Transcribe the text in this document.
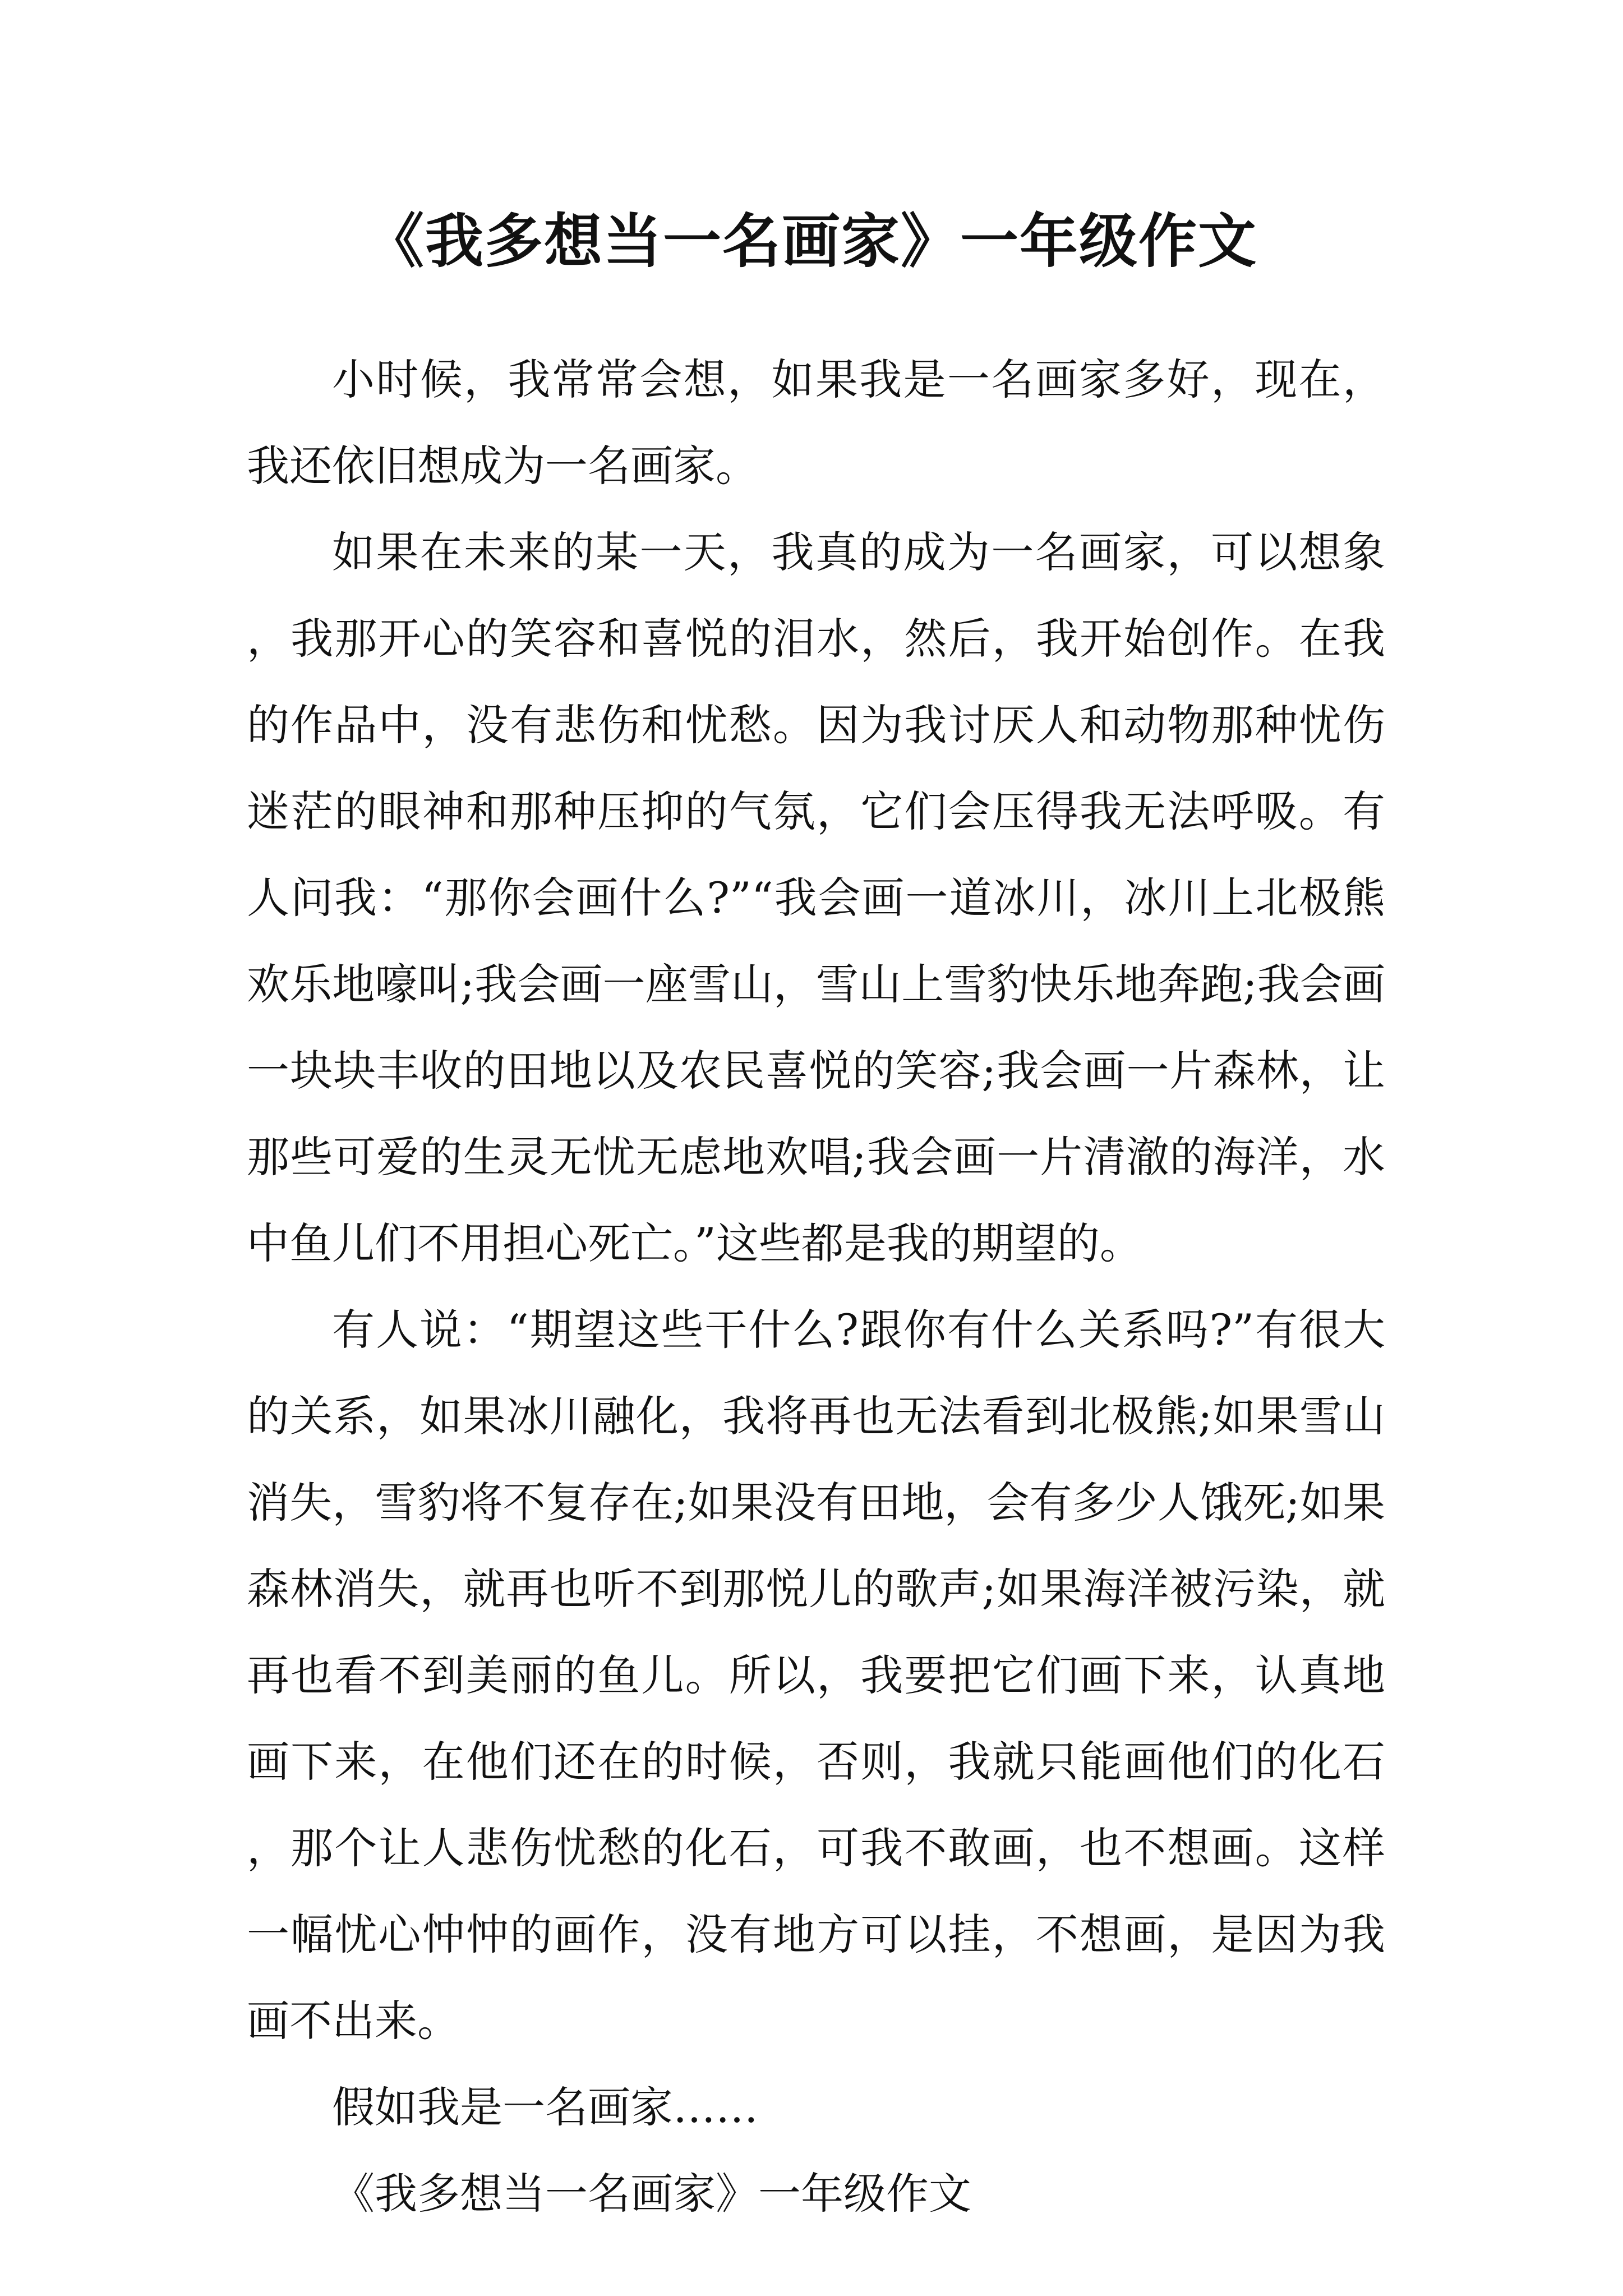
《我多想当一名画家》一年级作文

小时候，我常常会想，如果我是一名画家多好，现在，我还依旧想成为一名画家。

如果在未来的某一天，我真的成为一名画家，可以想象，我那开心的笑容和喜悦的泪水，然后，我开始创作。在我的作品中，没有悲伤和忧愁。因为我讨厌人和动物那种忧伤迷茫的眼神和那种压抑的气氛，它们会压得我无法呼吸。有人问我：“那你会画什么?”“我会画一道冰川，冰川上北极熊欢乐地嚎叫;我会画一座雪山，雪山上雪豹快乐地奔跑;我会画一块块丰收的田地以及农民喜悦的笑容;我会画一片森林，让那些可爱的生灵无忧无虑地欢唱;我会画一片清澈的海洋，水中鱼儿们不用担心死亡。”这些都是我的期望的。

有人说：“期望这些干什么?跟你有什么关系吗?”有很大的关系，如果冰川融化，我将再也无法看到北极熊;如果雪山消失，雪豹将不复存在;如果没有田地，会有多少人饿死;如果森林消失，就再也听不到那悦儿的歌声;如果海洋被污染，就再也看不到美丽的鱼儿。所以，我要把它们画下来，认真地画下来，在他们还在的时候，否则，我就只能画他们的化石，那个让人悲伤忧愁的化石，可我不敢画，也不想画。这样一幅忧心忡忡的画作，没有地方可以挂，不想画，是因为我画不出来。

假如我是一名画家……

《我多想当一名画家》一年级作文
